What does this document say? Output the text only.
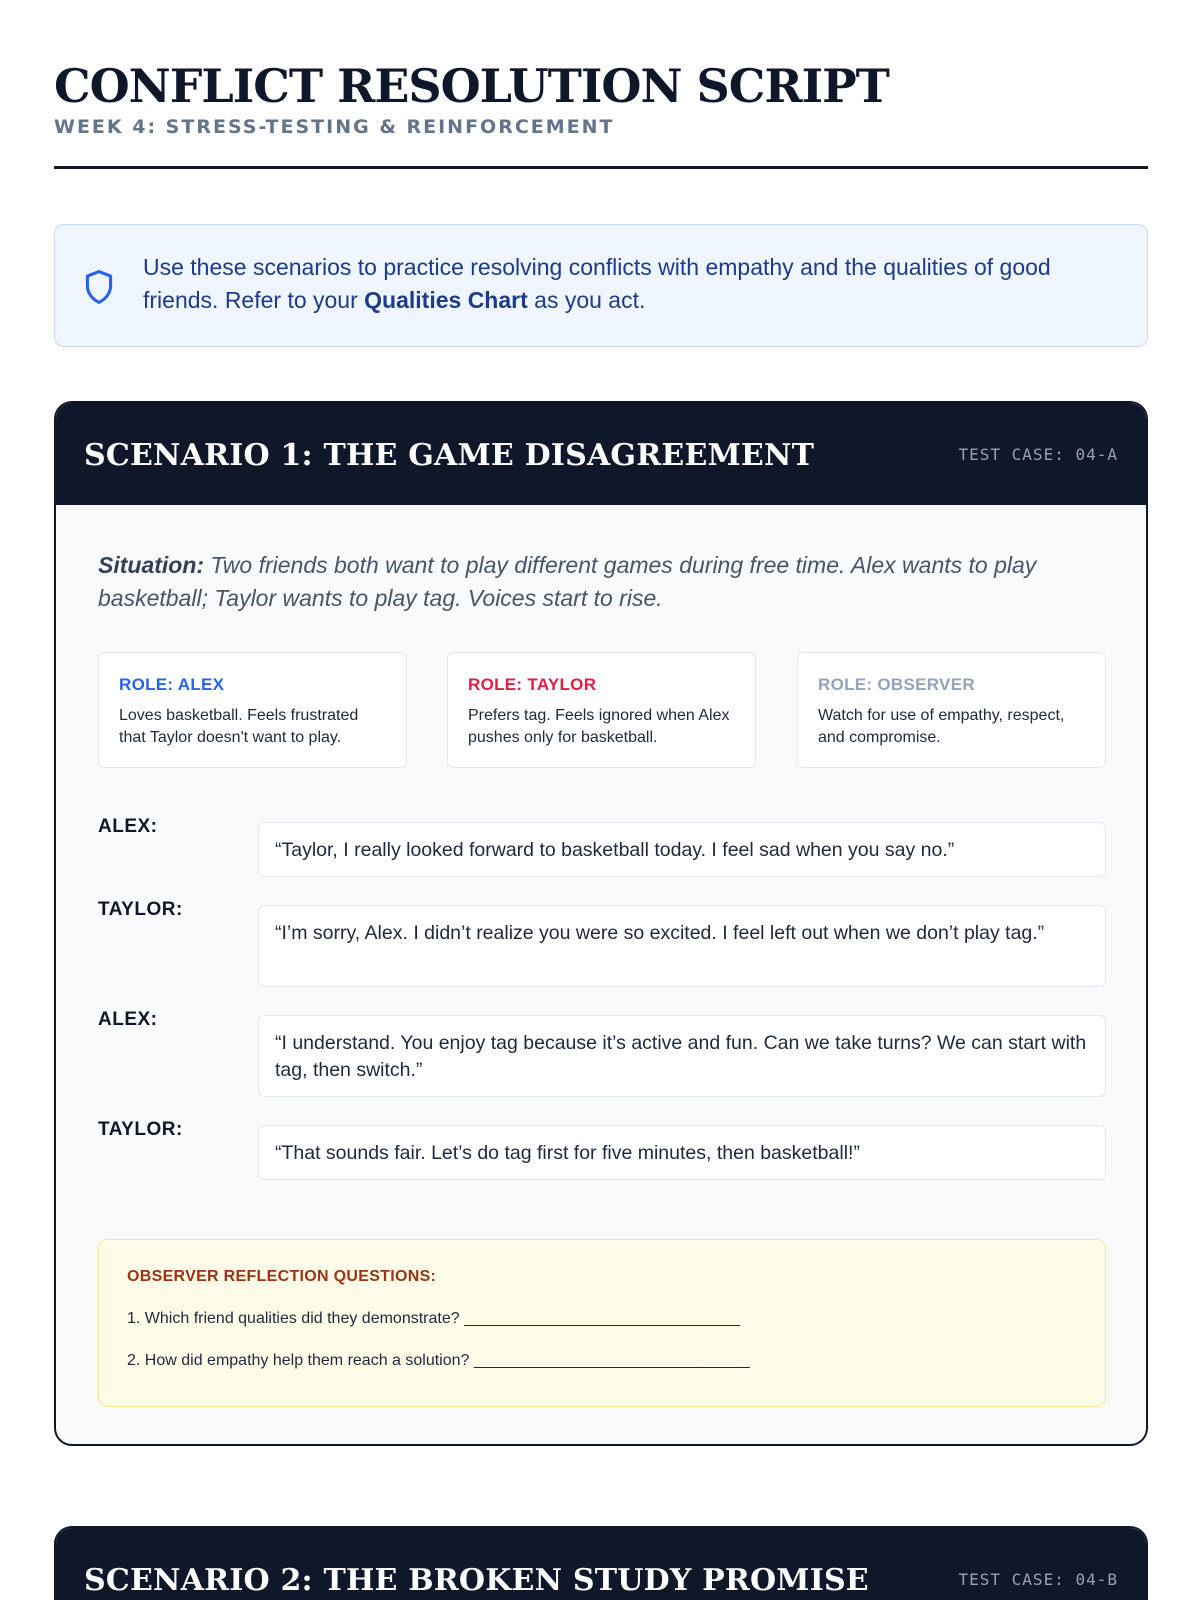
CONFLICT RESOLUTION SCRIPT
WEEK 4: STRESS-TESTING & REINFORCEMENT
Use these scenarios to practice resolving conflicts with empathy and the qualities of good friends. Refer to your Qualities Chart as you act.
SCENARIO 1: THE GAME DISAGREEMENT	TEST CASE: 04-A
Situation: Two friends both want to play different games during free time. Alex wants to play basketball; Taylor wants to play tag. Voices start to rise.
ROLE: ALEX
Loves basketball. Feels frustrated that Taylor doesn't want to play.
ROLE: TAYLOR
Prefers tag. Feels ignored when Alex pushes only for basketball.
ROLE: OBSERVER
Watch for use of empathy, respect, and compromise.
ALEX:
“Taylor, I really looked forward to basketball today. I feel sad when you say no.”
TAYLOR:
“I’m sorry, Alex. I didn’t realize you were so excited. I feel left out when we don’t play tag.”
ALEX:
“I understand. You enjoy tag because it’s active and fun. Can we take turns? We can start with tag, then switch.”
TAYLOR:
“That sounds fair. Let’s do tag first for five minutes, then basketball!”
OBSERVER REFLECTION QUESTIONS:
1. Which friend qualities did they demonstrate? _______________________________
2. How did empathy help them reach a solution? _______________________________
SCENARIO 2: THE BROKEN STUDY PROMISE	TEST CASE: 04-B
